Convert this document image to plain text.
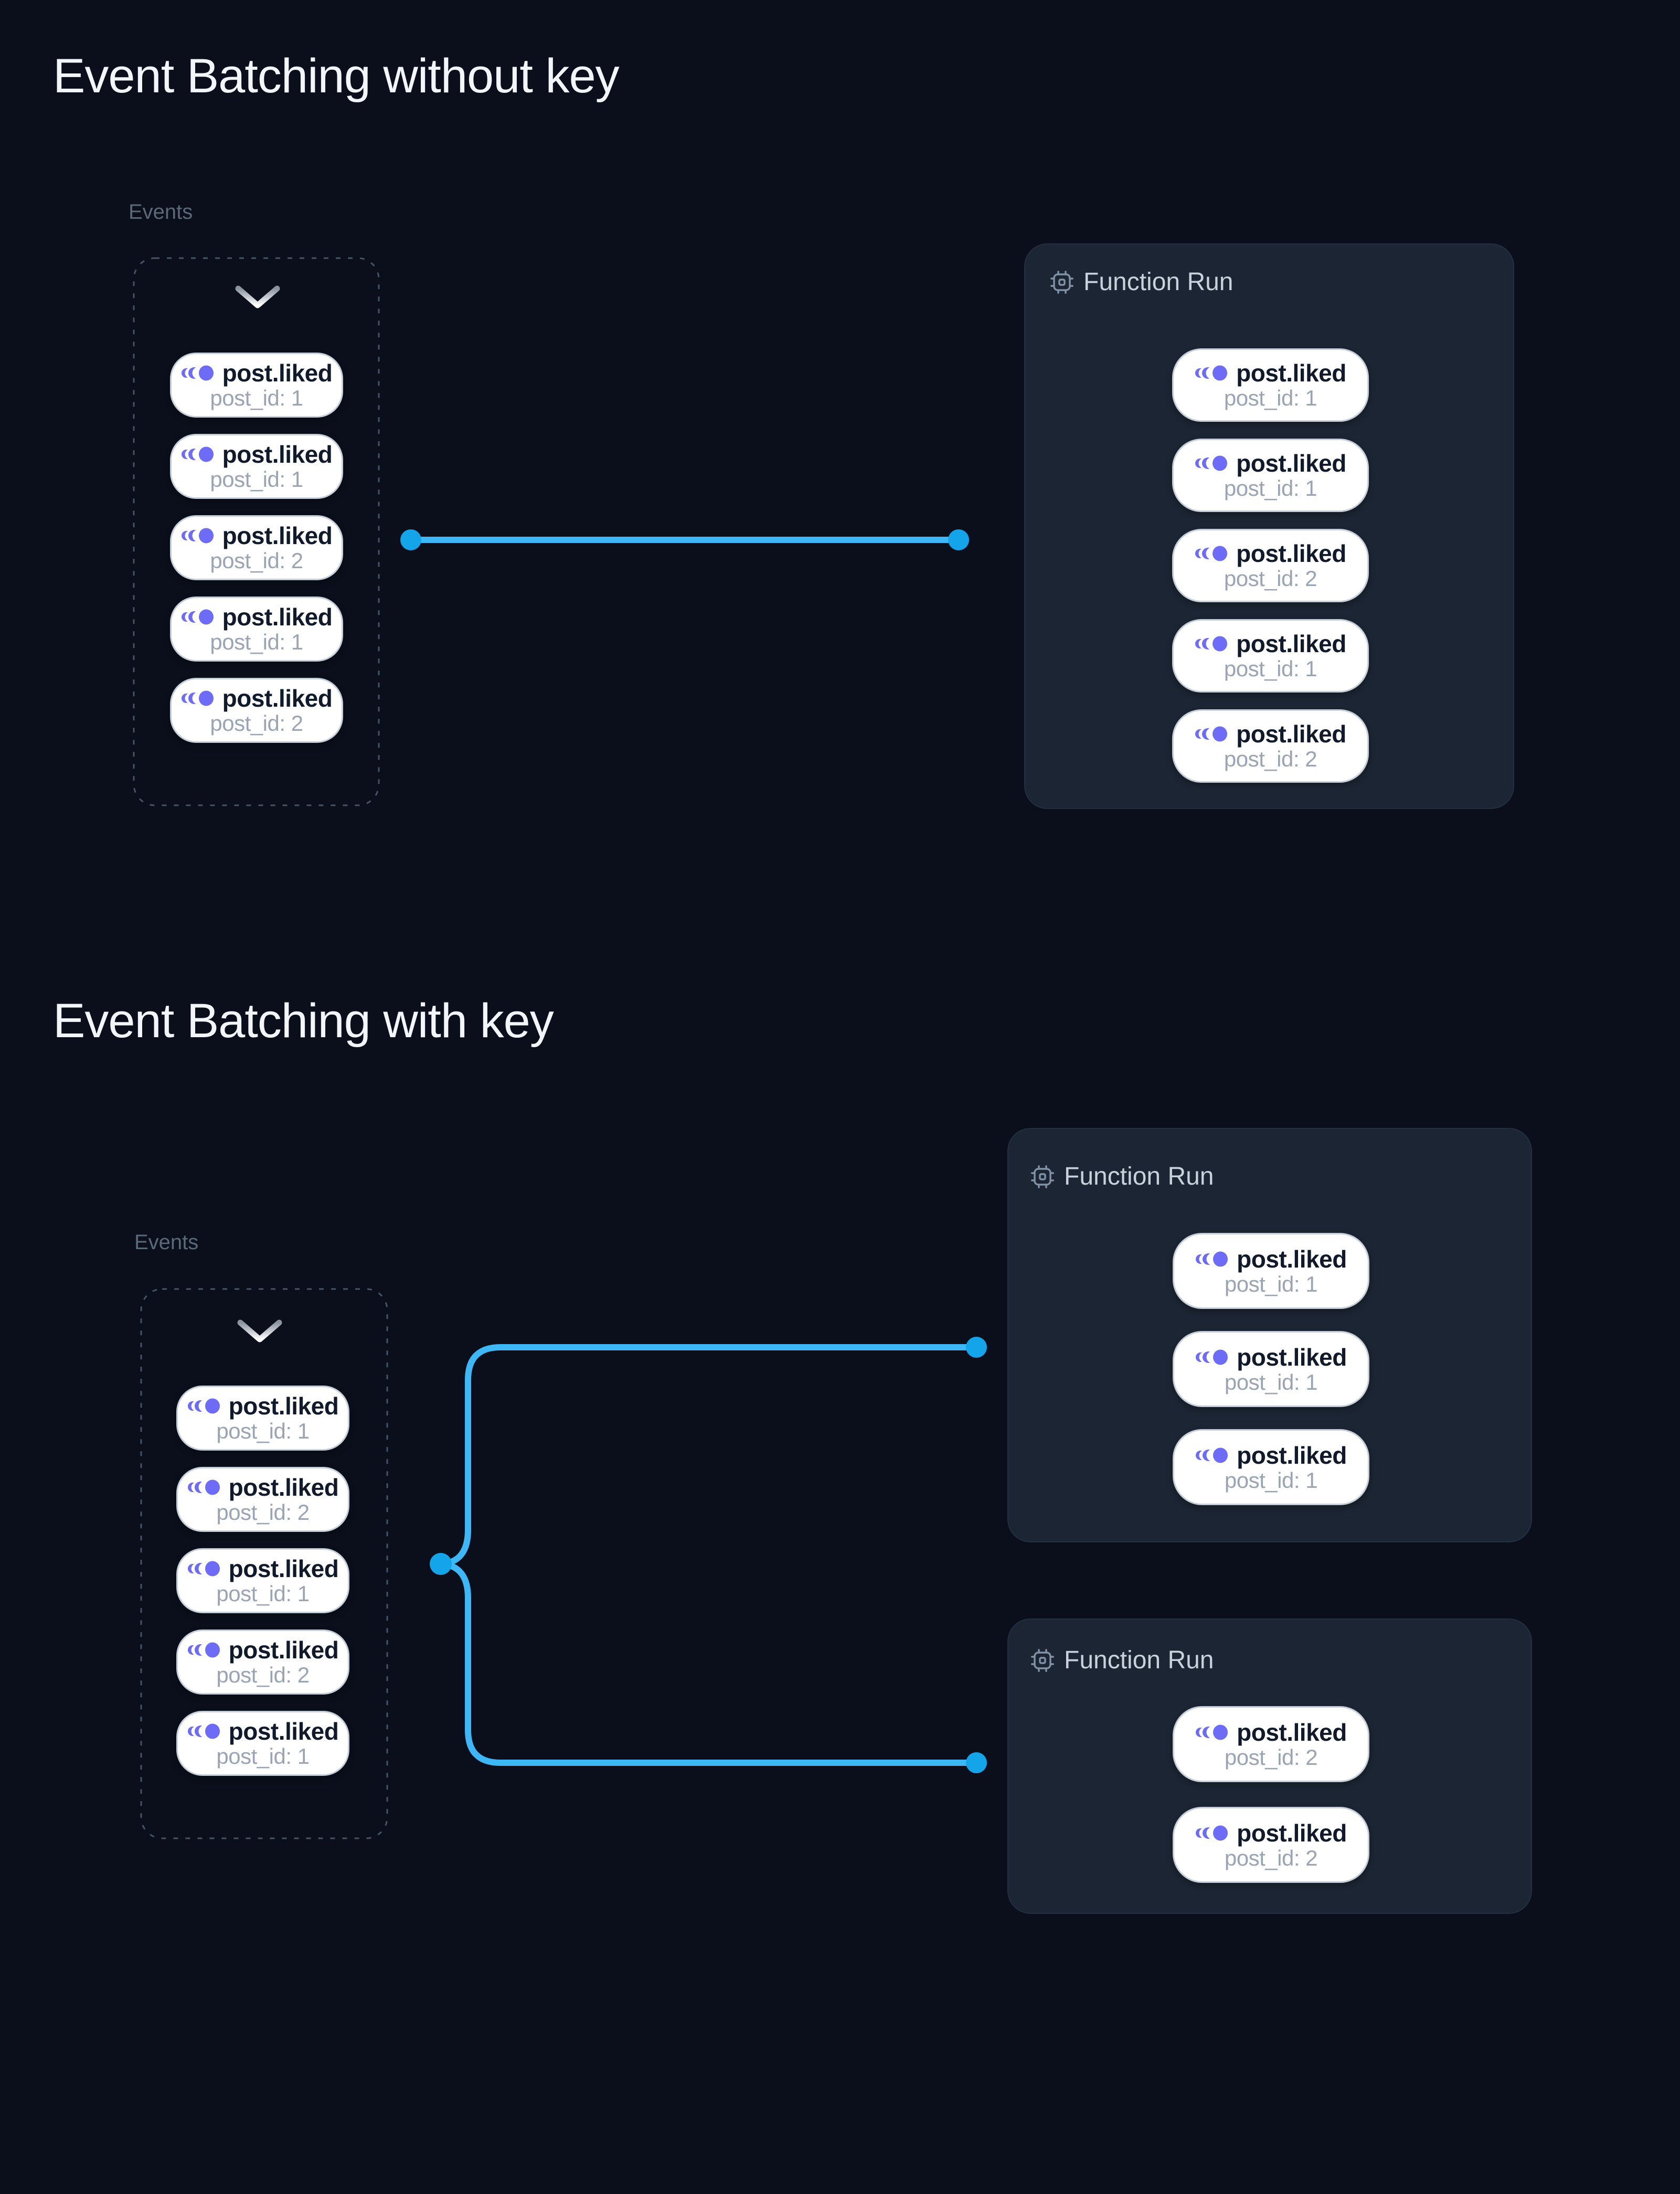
Event Batching without key
Events
post.liked
post_id: 1
post.liked
post_id: 1
post.liked
post_id: 2
post.liked
post_id: 1
post.liked
post_id: 2
Function Run
post.liked
post_id: 1
post.liked
post_id: 1
post.liked
post_id: 2
post.liked
post_id: 1
post.liked
post_id: 2
Event Batching with key
Events
post.liked
post_id: 1
post.liked
post_id: 2
post.liked
post_id: 1
post.liked
post_id: 2
post.liked
post_id: 1
Function Run
post.liked
post_id: 1
post.liked
post_id: 1
post.liked
post_id: 1
Function Run
post.liked
post_id: 2
post.liked
post_id: 2
